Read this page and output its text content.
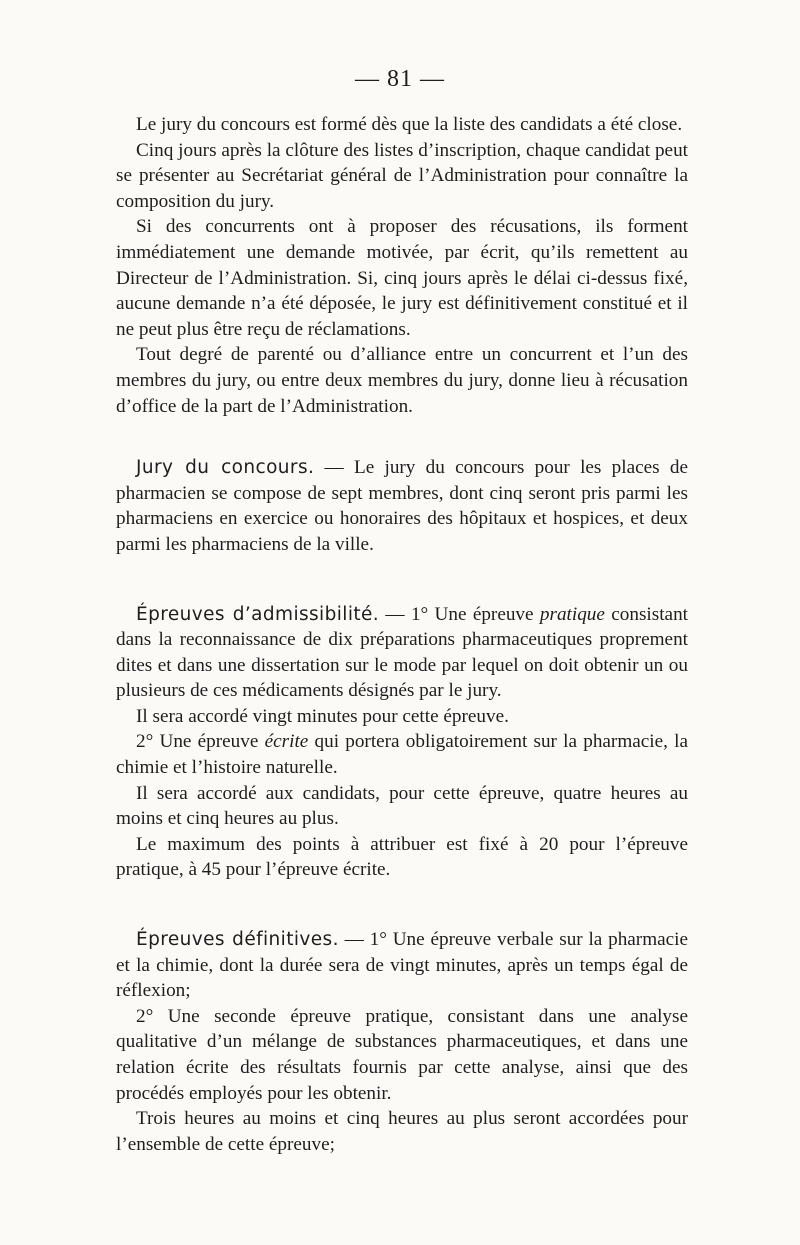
— 81 —

Le jury du concours est formé dès que la liste des candidats a été close.

Cinq jours après la clôture des listes d’inscription, chaque candidat peut se présenter au Secrétariat général de l’Administration pour connaître la composition du jury.

Si des concurrents ont à proposer des récusations, ils forment immédiatement une demande motivée, par écrit, qu’ils remettent au Directeur de l’Administration. Si, cinq jours après le délai ci-dessus fixé, aucune demande n’a été déposée, le jury est définitivement constitué et il ne peut plus être reçu de réclamations.

Tout degré de parenté ou d’alliance entre un concurrent et l’un des membres du jury, ou entre deux membres du jury, donne lieu à récusation d’office de la part de l’Administration.

Jury du concours. — Le jury du concours pour les places de pharmacien se compose de sept membres, dont cinq seront pris parmi les pharmaciens en exercice ou honoraires des hôpitaux et hospices, et deux parmi les pharmaciens de la ville.

Épreuves d’admissibilité. — 1° Une épreuve pratique consistant dans la reconnaissance de dix préparations pharmaceutiques proprement dites et dans une dissertation sur le mode par lequel on doit obtenir un ou plusieurs de ces médicaments désignés par le jury.

Il sera accordé vingt minutes pour cette épreuve.

2° Une épreuve écrite qui portera obligatoirement sur la pharmacie, la chimie et l’histoire naturelle.

Il sera accordé aux candidats, pour cette épreuve, quatre heures au moins et cinq heures au plus.

Le maximum des points à attribuer est fixé à 20 pour l’épreuve pratique, à 45 pour l’épreuve écrite.

Épreuves définitives. — 1° Une épreuve verbale sur la pharmacie et la chimie, dont la durée sera de vingt minutes, après un temps égal de réflexion;

2° Une seconde épreuve pratique, consistant dans une analyse qualitative d’un mélange de substances pharmaceutiques, et dans une relation écrite des résultats fournis par cette analyse, ainsi que des procédés employés pour les obtenir.

Trois heures au moins et cinq heures au plus seront accordées pour l’ensemble de cette épreuve;
